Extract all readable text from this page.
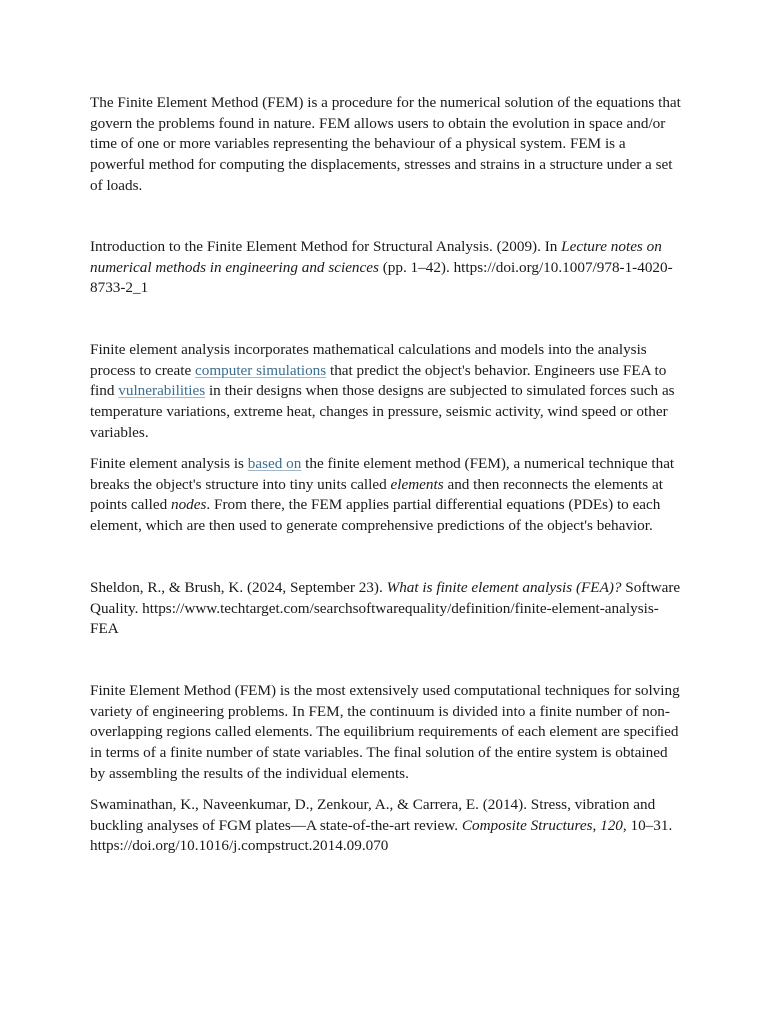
The Finite Element Method (FEM) is a procedure for the numerical solution of the equations that govern the problems found in nature. FEM allows users to obtain the evolution in space and/or time of one or more variables representing the behaviour of a physical system. FEM is a powerful method for computing the displacements, stresses and strains in a structure under a set of loads.

Introduction to the Finite Element Method for Structural Analysis. (2009). In Lecture notes on numerical methods in engineering and sciences (pp. 1–42). https://doi.org/10.1007/978-1-4020-8733-2_1

Finite element analysis incorporates mathematical calculations and models into the analysis process to create computer simulations that predict the object's behavior. Engineers use FEA to find vulnerabilities in their designs when those designs are subjected to simulated forces such as temperature variations, extreme heat, changes in pressure, seismic activity, wind speed or other variables.

Finite element analysis is based on the finite element method (FEM), a numerical technique that breaks the object's structure into tiny units called elements and then reconnects the elements at points called nodes. From there, the FEM applies partial differential equations (PDEs) to each element, which are then used to generate comprehensive predictions of the object's behavior.

Sheldon, R., & Brush, K. (2024, September 23). What is finite element analysis (FEA)? Software Quality. https://www.techtarget.com/searchsoftwarequality/definition/finite-element-analysis-FEA

Finite Element Method (FEM) is the most extensively used computational techniques for solving variety of engineering problems. In FEM, the continuum is divided into a finite number of non-overlapping regions called elements. The equilibrium requirements of each element are specified in terms of a finite number of state variables. The final solution of the entire system is obtained by assembling the results of the individual elements.

Swaminathan, K., Naveenkumar, D., Zenkour, A., & Carrera, E. (2014). Stress, vibration and buckling analyses of FGM plates—A state-of-the-art review. Composite Structures, 120, 10–31. https://doi.org/10.1016/j.compstruct.2014.09.070
